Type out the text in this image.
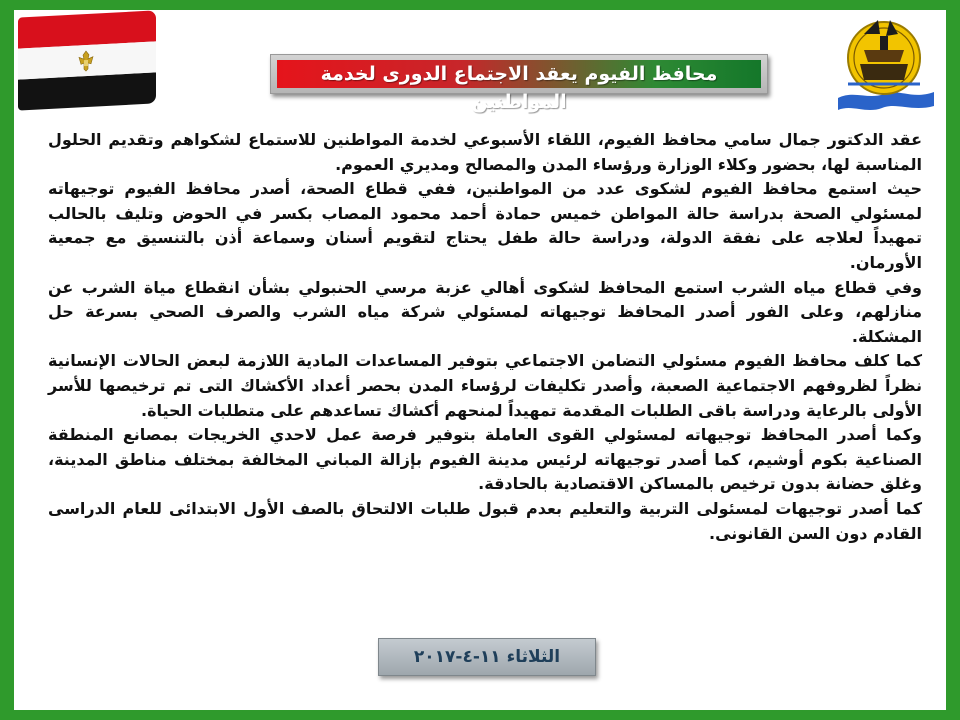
محافظ الفيوم يعقد الاجتماع الدورى لخدمة المواطنين

عقد الدكتور جمال سامي محافظ الفيوم، اللقاء الأسبوعي لخدمة المواطنين للاستماع لشكواهم وتقديم الحلول المناسبة لها، بحضور وكلاء الوزارة ورؤساء المدن والمصالح ومديري العموم.

حيث استمع محافظ الفيوم لشكوى عدد من المواطنين، ففي قطاع الصحة، أصدر محافظ الفيوم توجيهاته لمسئولي الصحة بدراسة حالة المواطن خميس حمادة أحمد محمود المصاب بكسر في الحوض وتليف بالحالب تمهيداً لعلاجه على نفقة الدولة، ودراسة حالة طفل يحتاج لتقويم أسنان وسماعة أذن بالتنسيق مع جمعية الأورمان.

وفي قطاع مياه الشرب استمع المحافظ لشكوى أهالي عزبة مرسي الحنبولي بشأن انقطاع مياة الشرب عن منازلهم، وعلى الفور أصدر المحافظ توجيهاته لمسئولي شركة مياه الشرب والصرف الصحي بسرعة حل المشكلة.

كما كلف محافظ الفيوم مسئولي التضامن الاجتماعي بتوفير المساعدات المادية اللازمة لبعض الحالات الإنسانية نظراً لظروفهم الاجتماعية الصعبة، وأصدر تكليفات لرؤساء المدن بحصر أعداد الأكشاك التى تم ترخيصها للأسر الأولى بالرعاية ودراسة باقى الطلبات المقدمة تمهيداً لمنحهم أكشاك تساعدهم على متطلبات الحياة.

وكما أصدر المحافظ توجيهاته لمسئولي القوى العاملة بتوفير فرصة عمل لاحدي الخريجات بمصانع المنطقة الصناعية بكوم أوشيم، كما أصدر توجيهاته لرئيس مدينة الفيوم بإزالة المباني المخالفة بمختلف مناطق المدينة، وغلق حضانة بدون ترخيص بالمساكن الاقتصادية بالحادقة.

كما أصدر توجيهات لمسئولى التربية والتعليم بعدم قبول طلبات الالتحاق بالصف الأول الابتدائى للعام الدراسى القادم دون السن القانونى.

الثلاثاء ١١-٤-٢٠١٧
